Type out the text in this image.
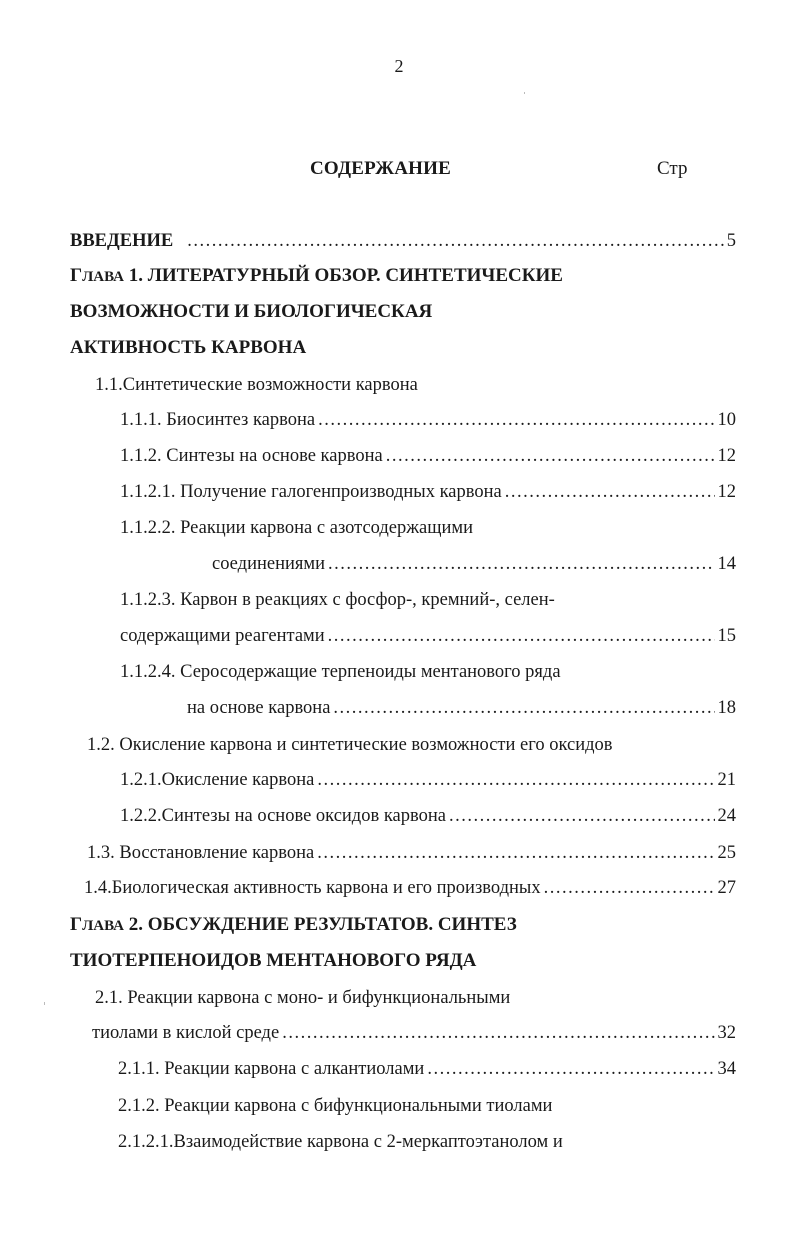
2
СОДЕРЖАНИЕ	Стр
ВВЕДЕНИЕ .....	5
ГЛАВА 1. ЛИТЕРАТУРНЫЙ ОБЗОР. СИНТЕТИЧЕСКИЕ
ВОЗМОЖНОСТИ И БИОЛОГИЧЕСКАЯ
АКТИВНОСТЬ КАРВОНА
1.1.Синтетические возможности карвона
1.1.1. Биосинтез карвона .....	10
1.1.2. Синтезы на основе карвона .....	12
1.1.2.1. Получение галогенпроизводных карвона .....	12
1.1.2.2. Реакции карвона с азотсодержащими
соединениями .....	14
1.1.2.3. Карвон в реакциях с фосфор-, кремний-, селен-
содержащими реагентами .....	15
1.1.2.4. Серосодержащие терпеноиды ментанового ряда
на основе карвона .....	18
1.2. Окисление карвона и синтетические возможности его оксидов
1.2.1.Окисление карвона .....	21
1.2.2.Синтезы на основе оксидов карвона .....	24
1.3. Восстановление карвона .....	25
1.4.Биологическая активность карвона и его производных .....	27
ГЛАВА 2. ОБСУЖДЕНИЕ РЕЗУЛЬТАТОВ. СИНТЕЗ
ТИОТЕРПЕНОИДОВ МЕНТАНОВОГО РЯДА
2.1. Реакции карвона с моно- и бифункциональными
тиолами в кислой среде .....	32
2.1.1. Реакции карвона с алкантиолами .....	34
2.1.2. Реакции карвона с бифункциональными тиолами
2.1.2.1.Взаимодействие карвона с 2-меркаптоэтанолом и
